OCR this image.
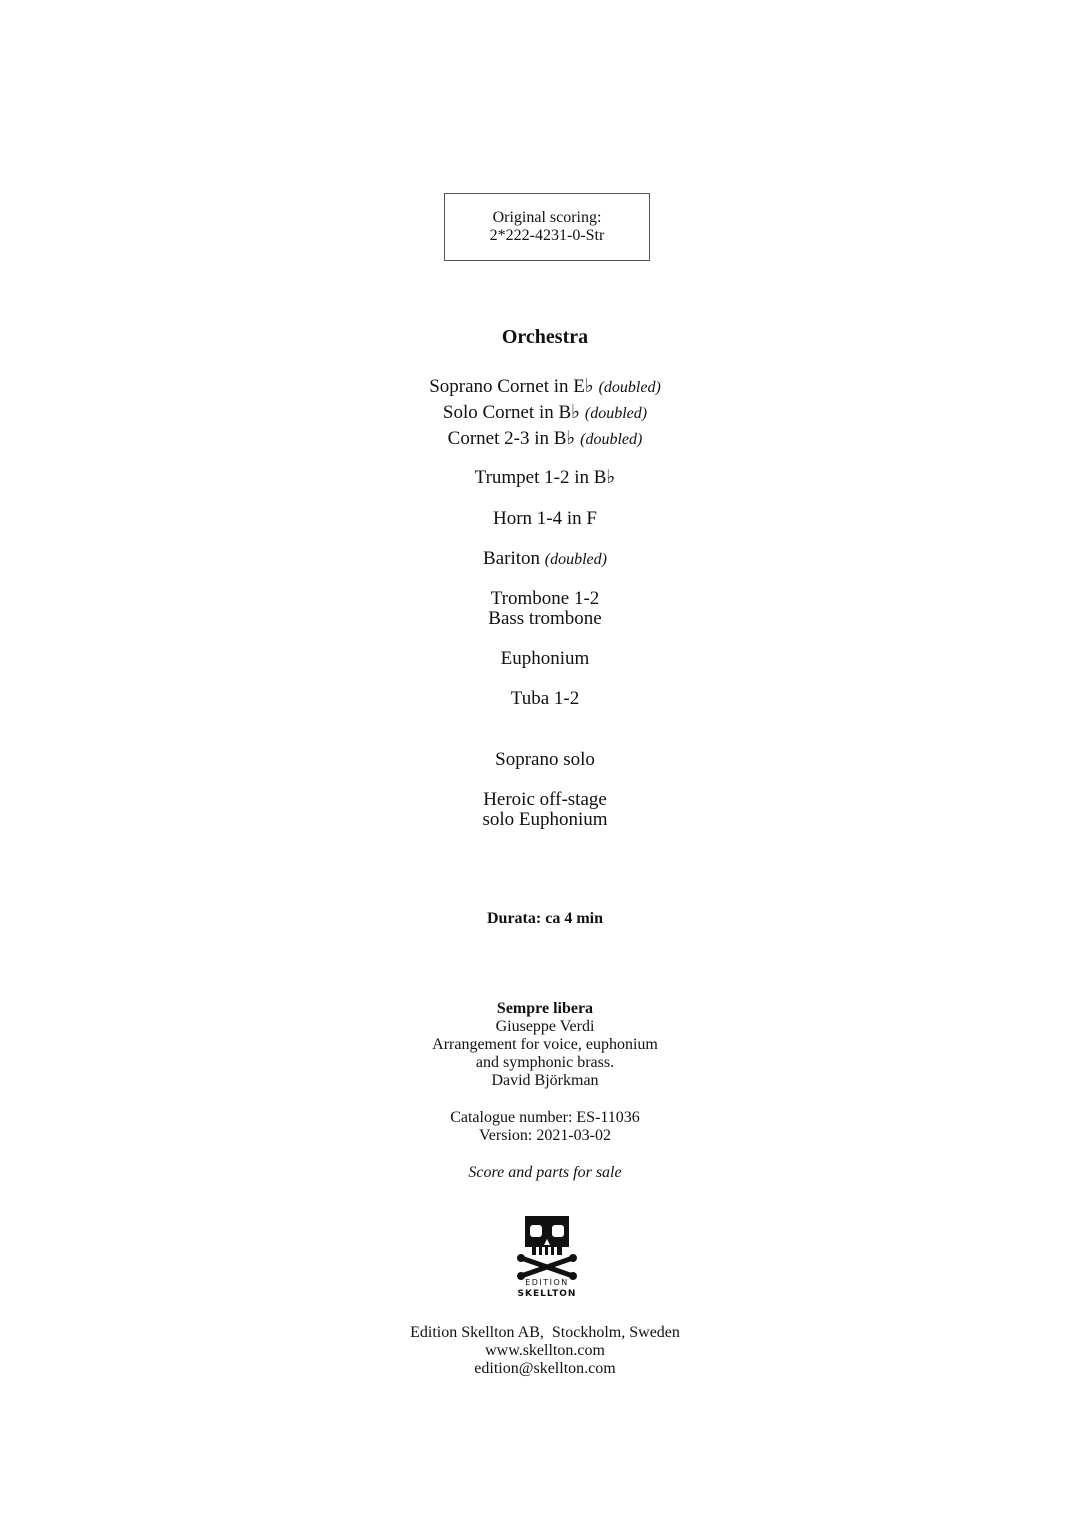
Original scoring:
2*222-4231-0-Str
Orchestra
Soprano Cornet in E♭ (doubled)
Solo Cornet in B♭ (doubled)
Cornet 2-3 in B♭ (doubled)
Trumpet 1-2 in B♭
Horn 1-4 in F
Bariton (doubled)
Trombone 1-2
Bass trombone
Euphonium
Tuba 1-2
Soprano solo
Heroic off-stage
solo Euphonium
Durata: ca 4 min
Sempre libera
Giuseppe Verdi
Arrangement for voice, euphonium
and symphonic brass.
David Björkman
Catalogue number: ES-11036
Version: 2021-03-02
Score and parts for sale
EDITION
SKELLTON
Edition Skellton AB,  Stockholm, Sweden
www.skellton.com
edition@skellton.com
